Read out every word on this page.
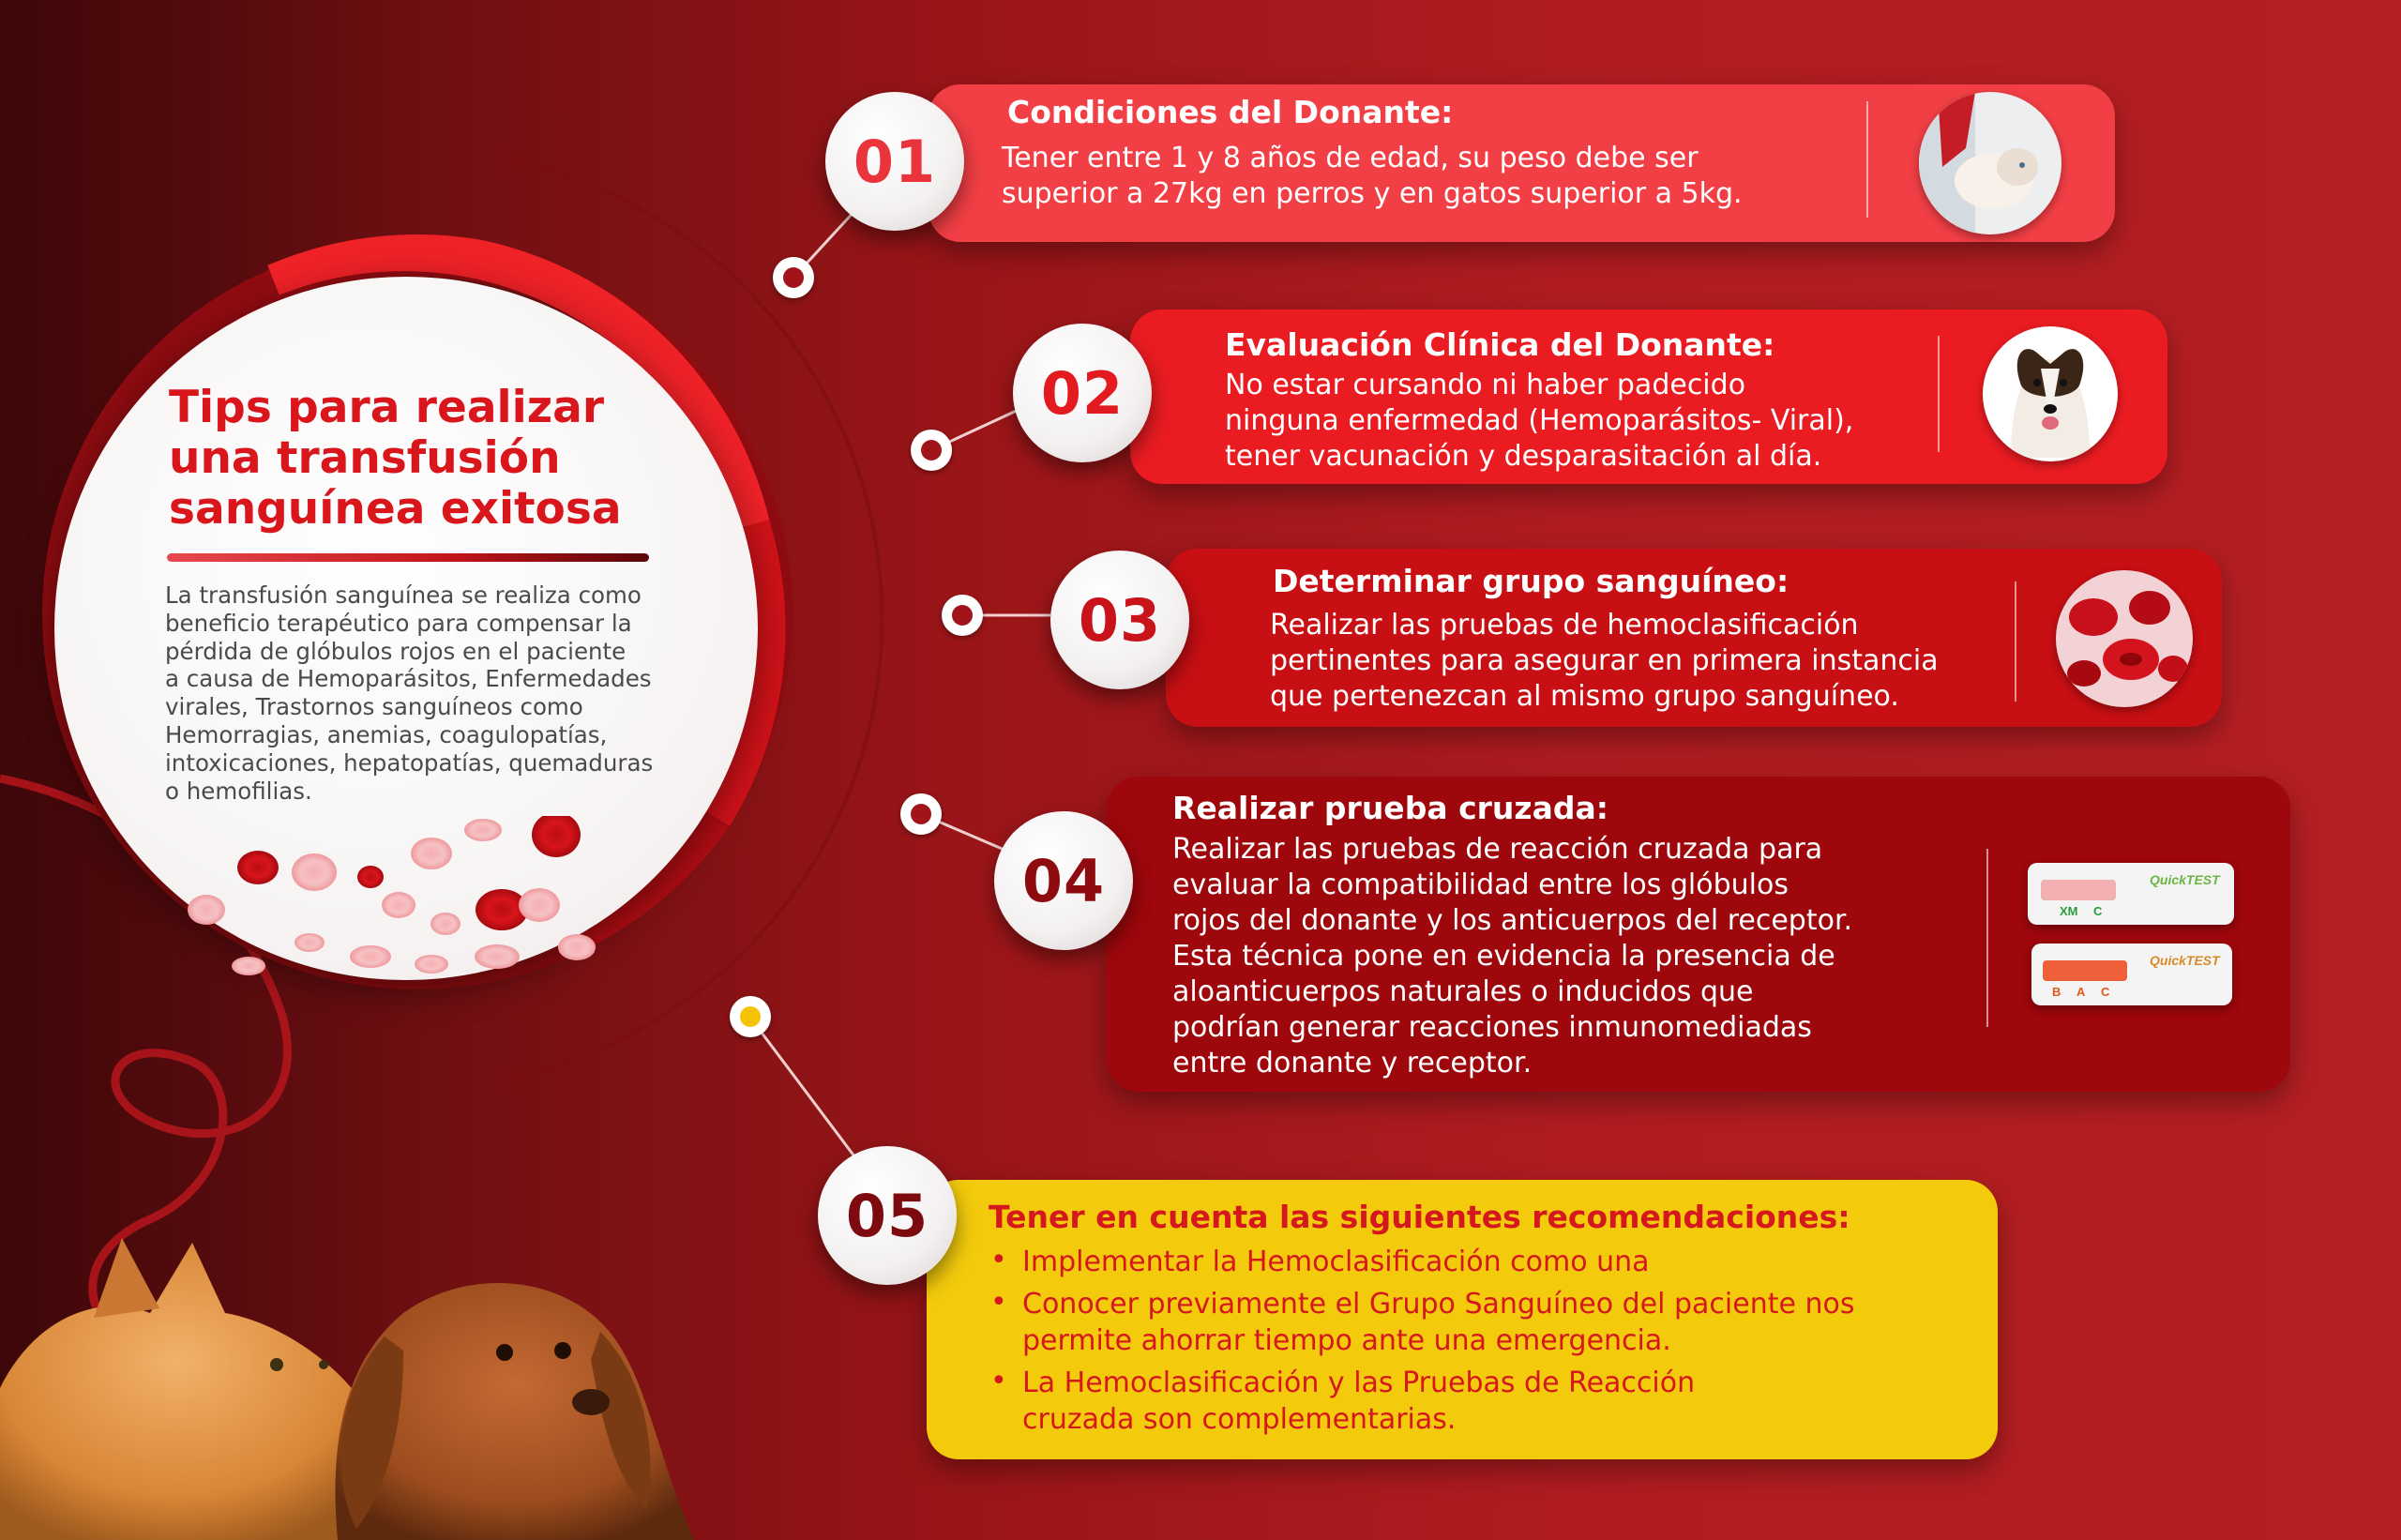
Tips para realizar
una transfusión
sanguínea exitosa
La transfusión sanguínea se realiza como
beneficio terapéutico para compensar la
pérdida de glóbulos rojos en el paciente
a causa de Hemoparásitos, Enfermedades
virales, Trastornos sanguíneos como
Hemorragias, anemias, coagulopatías,
intoxicaciones, hepatopatías, quemaduras
o hemofilias.
01
Condiciones del Donante:
Tener entre 1 y 8 años de edad, su peso debe ser
superior a 27kg en perros y en gatos superior a 5kg.
02
Evaluación Clínica del Donante:
No estar cursando ni haber padecido
ninguna enfermedad (Hemoparásitos- Viral),
tener vacunación y desparasitación al día.
03
Determinar grupo sanguíneo:
Realizar las pruebas de hemoclasificación
pertinentes para asegurar en primera instancia
que pertenezcan al mismo grupo sanguíneo.
04
Realizar prueba cruzada:
Realizar las pruebas de reacción cruzada para
evaluar la compatibilidad entre los glóbulos
rojos del donante y los anticuerpos del receptor.
Esta técnica pone en evidencia la presencia de
aloanticuerpos naturales o inducidos que
podrían generar reacciones inmunomediadas
entre donante y receptor.
XM C
QuickTEST
B A C
QuickTEST
05	Tener en cuenta las siguientes recomendaciones:
• Implementar la Hemoclasificación como una
• Conocer previamente el Grupo Sanguíneo del paciente nos
permite ahorrar tiempo ante una emergencia.
• La Hemoclasificación y las Pruebas de Reacción
cruzada son complementarias.
